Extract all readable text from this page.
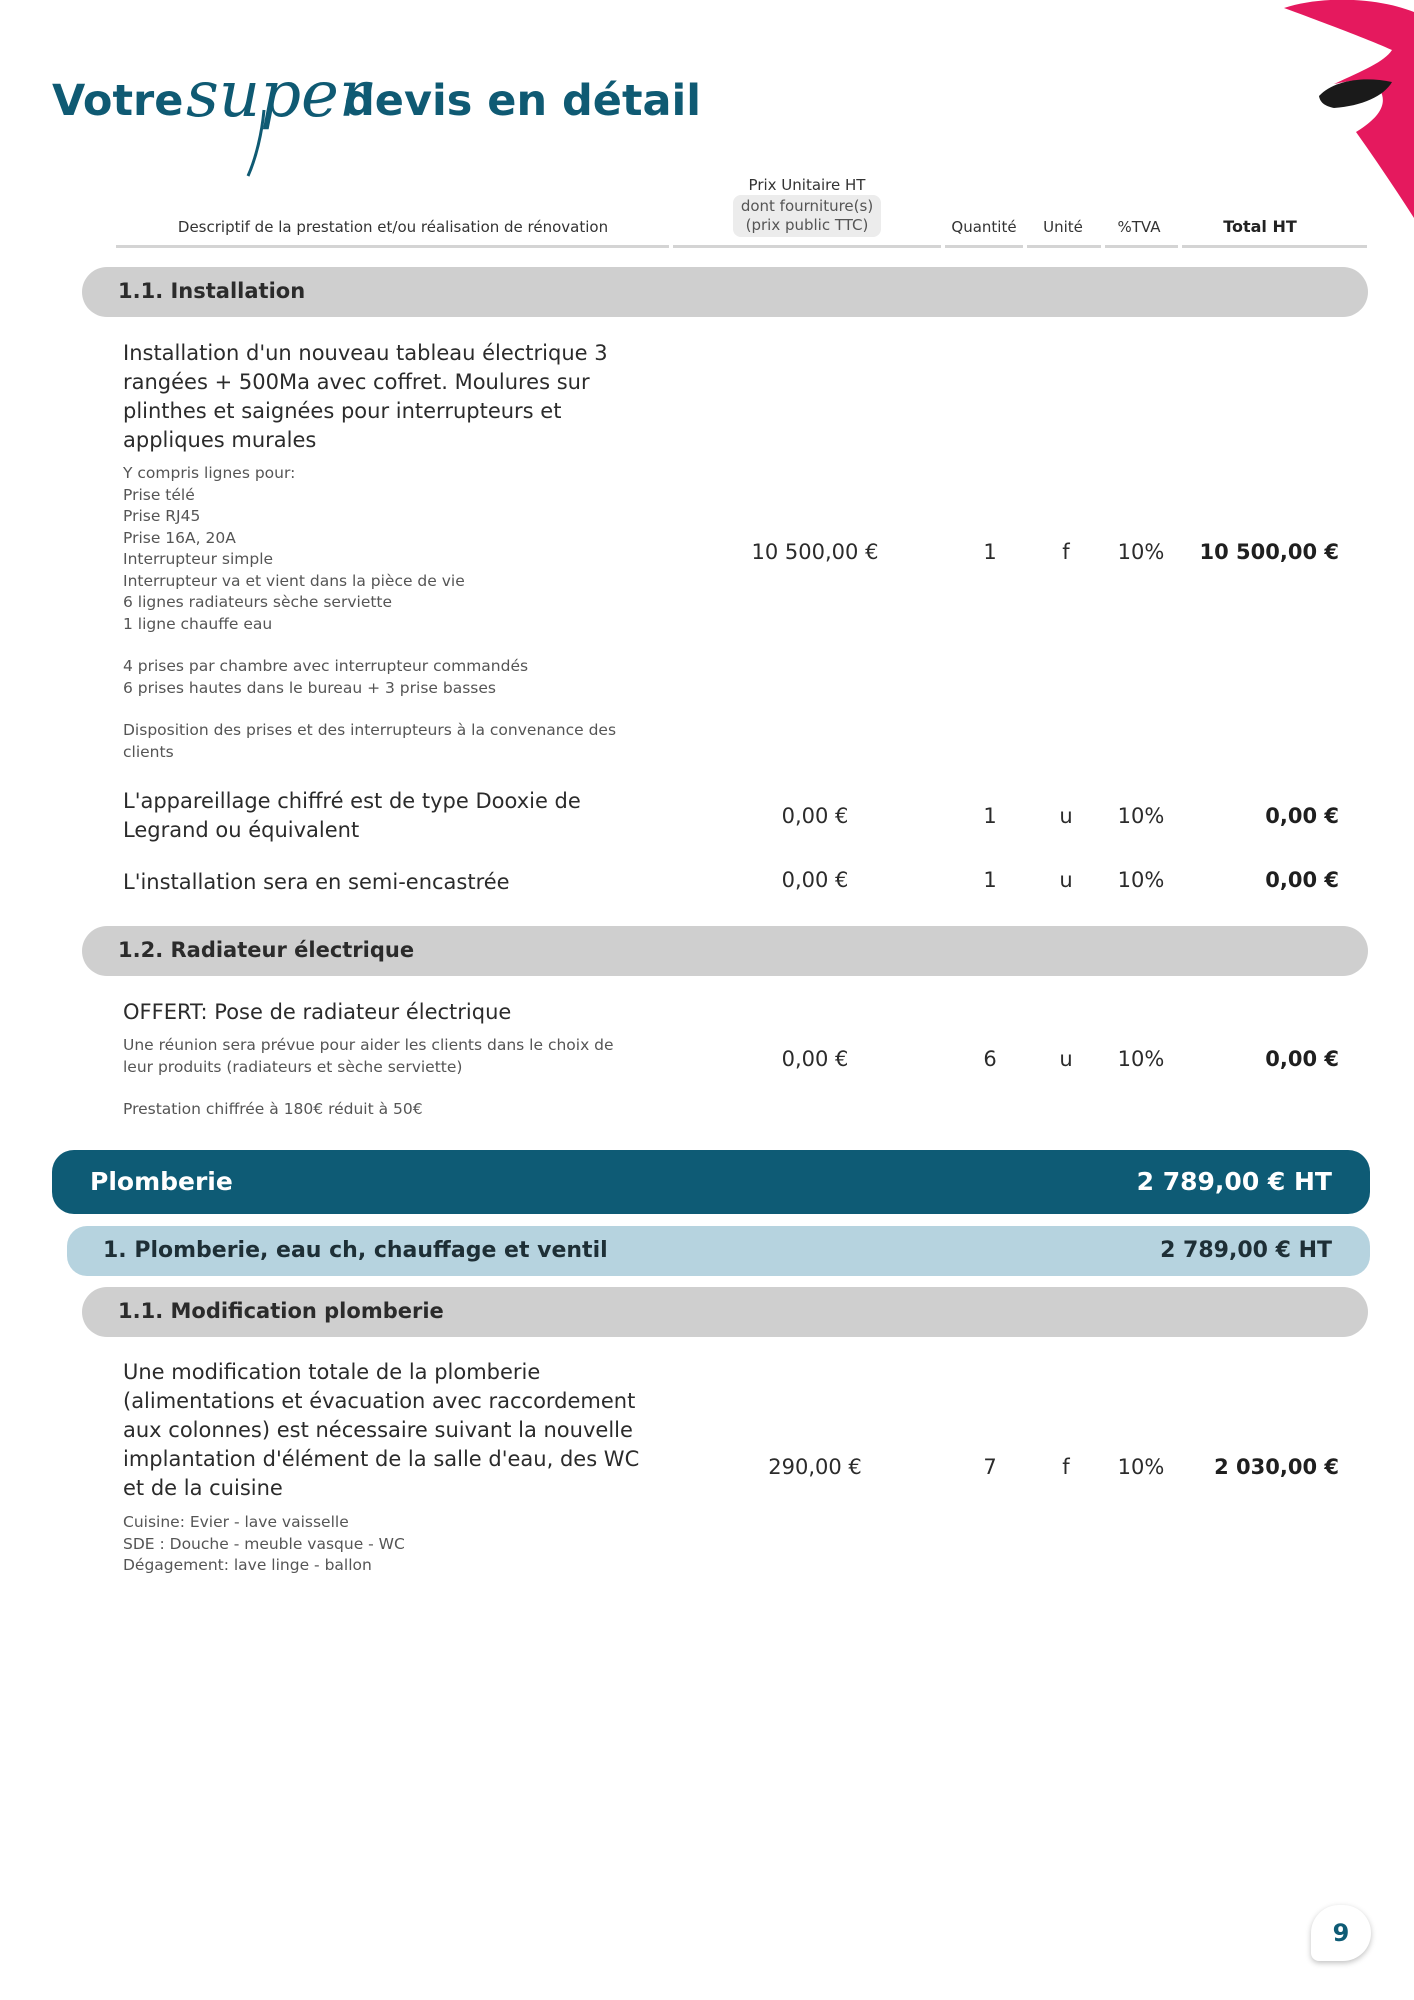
Votre super
devis en détail
Descriptif de la prestation et/ou réalisation de rénovation
Prix Unitaire HT
dont fourniture(s)
(prix public TTC)	Quantité	Unité	%TVA	Total HT
1.1. Installation
Installation d'un nouveau tableau électrique 3
rangées + 500Ma avec coffret. Moulures sur
plinthes et saignées pour interrupteurs et
appliques murales
Y compris lignes pour:
Prise télé
Prise RJ45
Prise 16A, 20A
Interrupteur simple
Interrupteur va et vient dans la pièce de vie
6 lignes radiateurs sèche serviette
1 ligne chauffe eau
4 prises par chambre avec interrupteur commandés
6 prises hautes dans le bureau + 3 prise basses
Disposition des prises et des interrupteurs à la convenance des
clients
10 500,00 €	1	f	10%	10 500,00 €
L'appareillage chiffré est de type Dooxie de
Legrand ou équivalent
0,00 €	1	u	10%	0,00 €
L'installation sera en semi-encastrée	0,00 €	1	u	10%	0,00 €
1.2. Radiateur électrique
OFFERT: Pose de radiateur électrique
Une réunion sera prévue pour aider les clients dans le choix de
leur produits (radiateurs et sèche serviette)
Prestation chiffrée à 180€ réduit à 50€
0,00 €	6	u	10%	0,00 €
Plomberie	2 789,00 € HT
1. Plomberie, eau ch, chauffage et ventil	2 789,00 € HT
1.1. Modification plomberie
Une modification totale de la plomberie
(alimentations et évacuation avec raccordement
aux colonnes) est nécessaire suivant la nouvelle
implantation d'élément de la salle d'eau, des WC
et de la cuisine
Cuisine: Evier - lave vaisselle
SDE : Douche - meuble vasque - WC
Dégagement: lave linge - ballon
290,00 €	7	f	10%	2 030,00 €
9
